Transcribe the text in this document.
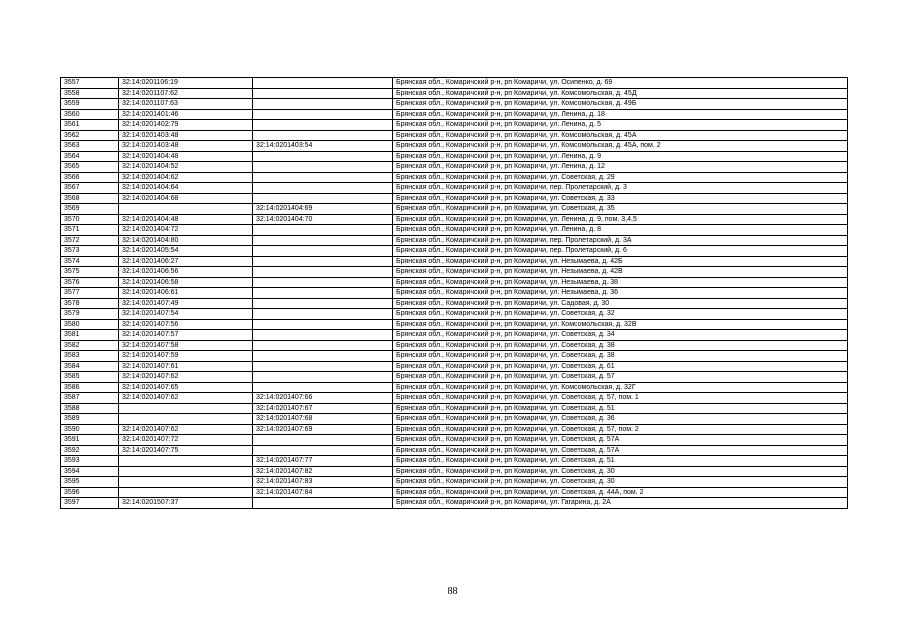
3557	32:14:0201106:19		Брянская обл., Комаричский р-н, рп Комаричи, ул. Осипенко, д. 69
3558	32:14:0201107:62		Брянская обл., Комаричский р-н, рп Комаричи, ул. Комсомольская, д. 45Д
3559	32:14:0201107:63		Брянская обл., Комаричский р-н, рп Комаричи, ул. Комсомольская, д. 49Б
3560	32:14:0201401:46		Брянская обл., Комаричский р-н, рп Комаричи, ул. Ленина, д. 18
3561	32:14:0201402:79		Брянская обл., Комаричский р-н, рп Комаричи, ул. Ленина, д. 5
3562	32:14:0201403:48		Брянская обл., Комаричский р-н, рп Комаричи, ул. Комсомольская, д. 45А
3563	32:14:0201403:48	32:14:0201403:54	Брянская обл., Комаричский р-н, рп Комаричи, ул. Комсомольская, д. 45А, пом. 2
3564	32:14:0201404:48		Брянская обл., Комаричский р-н, рп Комаричи, ул. Ленина, д. 9
3565	32:14:0201404:52		Брянская обл., Комаричский р-н, рп Комаричи, ул. Ленина, д. 12
3566	32:14:0201404:62		Брянская обл., Комаричский р-н, рп Комаричи, ул. Советская, д. 29
3567	32:14:0201404:64		Брянская обл., Комаричский р-н, рп Комаричи, пер. Пролетарский, д. 3
3568	32:14:0201404:68		Брянская обл., Комаричский р-н, рп Комаричи, ул. Советская, д. 33
3569		32:14:0201404:69	Брянская обл., Комаричский р-н, рп Комаричи, ул. Советская, д. 35
3570	32:14:0201404:48	32:14:0201404:70	Брянская обл., Комаричский р-н, рп Комаричи, ул. Ленина, д. 9, пом. 3,4,5
3571	32:14:0201404:72		Брянская обл., Комаричский р-н, рп Комаричи, ул. Ленина, д. 8
3572	32:14:0201404:80		Брянская обл., Комаричский р-н, рп Комаричи, пер. Пролетарский, д. 3А
3573	32:14:0201405:54		Брянская обл., Комаричский р-н, рп Комаричи, пер. Пролетарский, д. 6
3574	32:14:0201406:27		Брянская обл., Комаричский р-н, рп Комаричи, ул. Незымаева, д. 42Б
3575	32:14:0201406:56		Брянская обл., Комаричский р-н, рп Комаричи, ул. Незымаева, д. 42В
3576	32:14:0201406:58		Брянская обл., Комаричский р-н, рп Комаричи, ул. Незымаева, д. 38
3577	32:14:0201406:61		Брянская обл., Комаричский р-н, рп Комаричи, ул. Незымаева, д. 36
3578	32:14:0201407:49		Брянская обл., Комаричский р-н, рп Комаричи, ул. Садовая, д. 30
3579	32:14:0201407:54		Брянская обл., Комаричский р-н, рп Комаричи, ул. Советская, д. 32
3580	32:14:0201407:56		Брянская обл., Комаричский р-н, рп Комаричи, ул. Комсомольская, д. 32В
3581	32:14:0201407:57		Брянская обл., Комаричский р-н, рп Комаричи, ул. Советская, д. 34
3582	32:14:0201407:58		Брянская обл., Комаричский р-н, рп Комаричи, ул. Советская, д. 38
3583	32:14:0201407:59		Брянская обл., Комаричский р-н, рп Комаричи, ул. Советская, д. 38
3584	32:14:0201407:61		Брянская обл., Комаричский р-н, рп Комаричи, ул. Советская, д. 61
3585	32:14:0201407:62		Брянская обл., Комаричский р-н, рп Комаричи, ул. Советская, д. 57
3586	32:14:0201407:65		Брянская обл., Комаричский р-н, рп Комаричи, ул. Комсомольская, д. 32Г
3587	32:14:0201407:62	32:14:0201407:66	Брянская обл., Комаричский р-н, рп Комаричи, ул. Советская, д. 57, пом. 1
3588		32:14:0201407:67	Брянская обл., Комаричский р-н, рп Комаричи, ул. Советская, д. 51
3589		32:14:0201407:68	Брянская обл., Комаричский р-н, рп Комаричи, ул. Советская, д. 36
3590	32:14:0201407:62	32:14:0201407:69	Брянская обл., Комаричский р-н, рп Комаричи, ул. Советская, д. 57, пом. 2
3591	32:14:0201407:72		Брянская обл., Комаричский р-н, рп Комаричи, ул. Советская, д. 57А
3592	32:14:0201407:75		Брянская обл., Комаричский р-н, рп Комаричи, ул. Советская, д. 57А
3593		32:14:0201407:77	Брянская обл., Комаричский р-н, рп Комаричи, ул. Советская, д. 51
3594		32:14:0201407:82	Брянская обл., Комаричский р-н, рп Комаричи, ул. Советская, д. 30
3595		32:14:0201407:83	Брянская обл., Комаричский р-н, рп Комаричи, ул. Советская, д. 30
3596		32:14:0201407:84	Брянская обл., Комаричский р-н, рп Комаричи, ул. Советская, д. 44А, пом. 2
3597	32:14:0201507:37		Брянская обл., Комаричский р-н, рп Комаричи, ул. Гагарина, д. 2А
88
